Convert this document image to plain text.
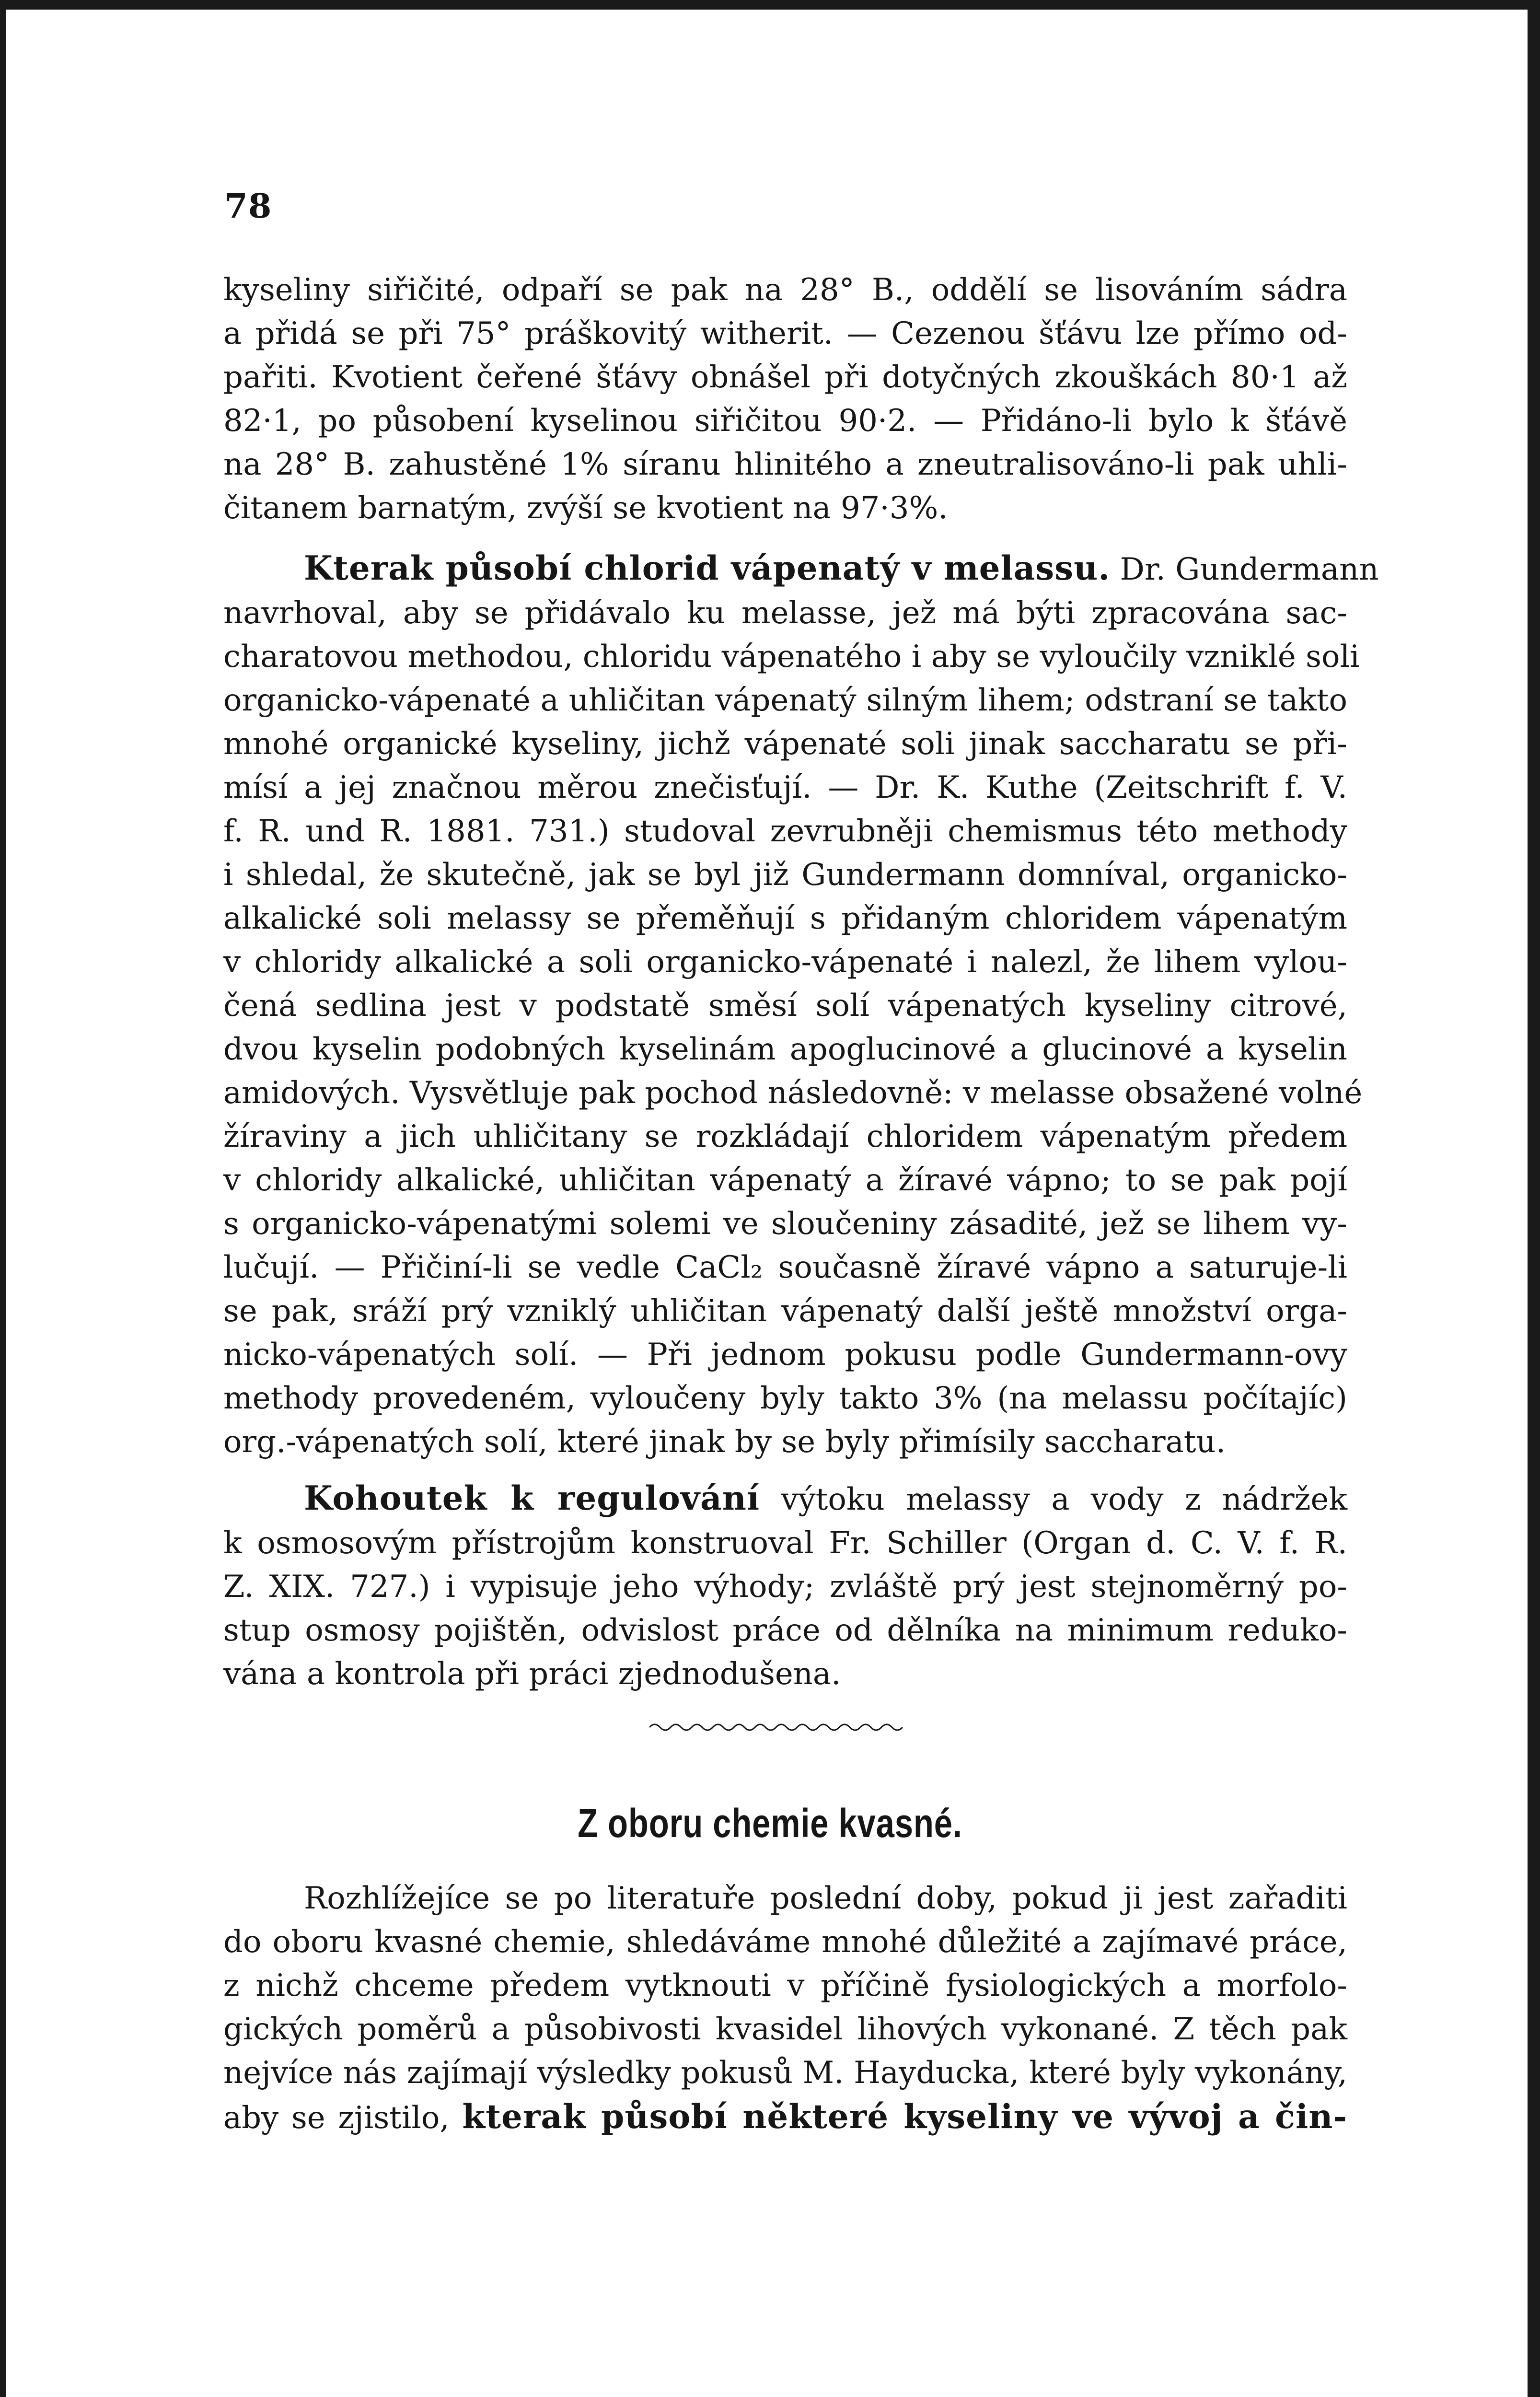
78
kyseliny siřičité, odpaří se pak na 28° B., oddělí se lisováním sádra
a přidá se při 75° práškovitý witherit. — Cezenou šťávu lze přímo od-
pařiti. Kvotient čeřené šťávy obnášel při dotyčných zkouškách 80·1 až
82·1, po působení kyselinou siřičitou 90·2. — Přidáno-li bylo k šťávě
na 28° B. zahustěné 1% síranu hlinitého a zneutralisováno-li pak uhli-
čitanem barnatým, zvýší se kvotient na 97·3%.
Kterak působí chlorid vápenatý v melassu. Dr. Gundermann
navrhoval, aby se přidávalo ku melasse, jež má býti zpracována sac-
charatovou methodou, chloridu vápenatého i aby se vyloučily vzniklé soli
organicko-vápenaté a uhličitan vápenatý silným lihem; odstraní se takto
mnohé organické kyseliny, jichž vápenaté soli jinak saccharatu se při-
mísí a jej značnou měrou znečisťují. — Dr. K. Kuthe (Zeitschrift f. V.
f. R. und R. 1881. 731.) studoval zevrubněji chemismus této methody
i shledal, že skutečně, jak se byl již Gundermann domníval, organicko-
alkalické soli melassy se přeměňují s přidaným chloridem vápenatým
v chloridy alkalické a soli organicko-vápenaté i nalezl, že lihem vylou-
čená sedlina jest v podstatě směsí solí vápenatých kyseliny citrové,
dvou kyselin podobných kyselinám apoglucinové a glucinové a kyselin
amidových. Vysvětluje pak pochod následovně: v melasse obsažené volné
žíraviny a jich uhličitany se rozkládají chloridem vápenatým předem
v chloridy alkalické, uhličitan vápenatý a žíravé vápno; to se pak pojí
s organicko-vápenatými solemi ve sloučeniny zásadité, jež se lihem vy-
lučují. — Přičiní-li se vedle CaCl₂ současně žíravé vápno a saturuje-li
se pak, sráží prý vzniklý uhličitan vápenatý další ještě množství orga-
nicko-vápenatých solí. — Při jednom pokusu podle Gundermann-ovy
methody provedeném, vyloučeny byly takto 3% (na melassu počítajíc)
org.-vápenatých solí, které jinak by se byly přimísily saccharatu.
Kohoutek k regulování výtoku melassy a vody z nádržek
k osmosovým přístrojům konstruoval Fr. Schiller (Organ d. C. V. f. R.
Z. XIX. 727.) i vypisuje jeho výhody; zvláště prý jest stejnoměrný po-
stup osmosy pojištěn, odvislost práce od dělníka na minimum reduko-
vána a kontrola při práci zjednodušena.
Z oboru chemie kvasné.
Rozhlížejíce se po literatuře poslední doby, pokud ji jest zařaditi
do oboru kvasné chemie, shledáváme mnohé důležité a zajímavé práce,
z nichž chceme předem vytknouti v příčině fysiologických a morfolo-
gických poměrů a působivosti kvasidel lihových vykonané. Z těch pak
nejvíce nás zajímají výsledky pokusů M. Hayducka, které byly vykonány,
aby se zjistilo, kterak působí některé kyseliny ve vývoj a čin-
